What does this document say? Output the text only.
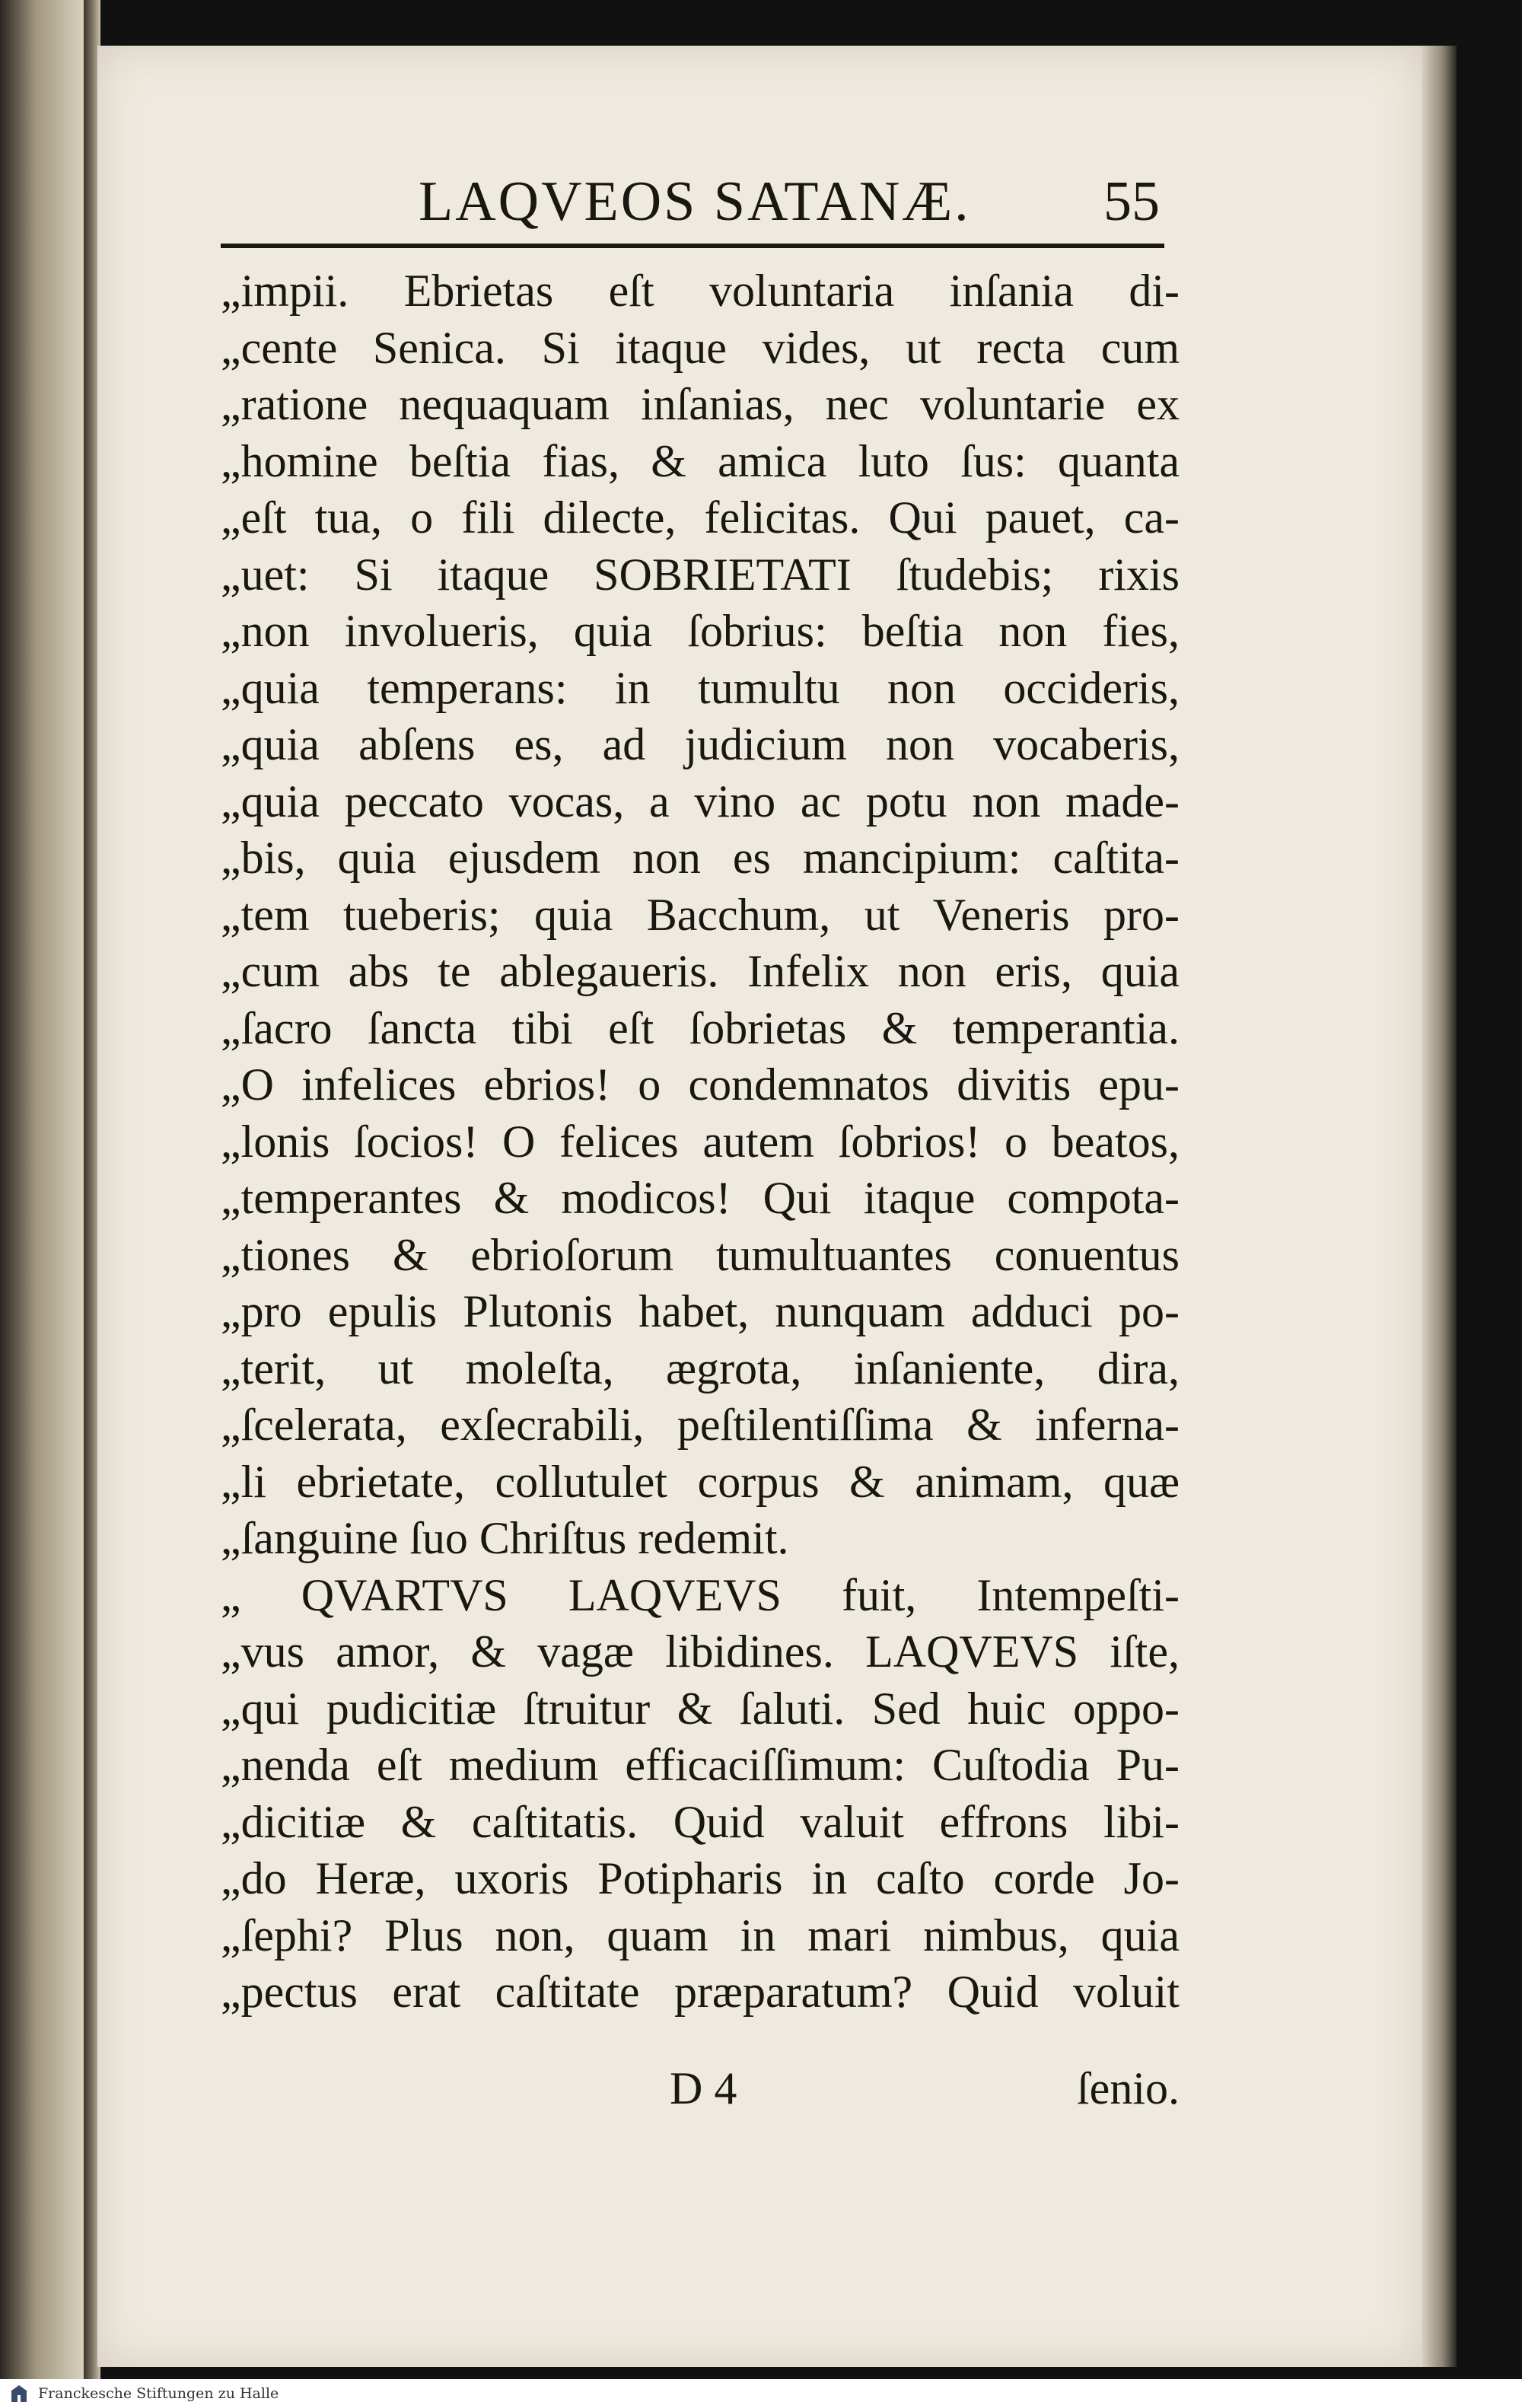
LAQVEOS SATANÆ. 55
„impii. Ebrietas eſt voluntaria inſania di-
„cente Senica. Si itaque vides, ut recta cum
„ratione nequaquam inſanias, nec voluntarie ex
„homine beſtia fias, & amica luto ſus: quanta
„eſt tua, o fili dilecte, felicitas. Qui pauet, ca-
„uet: Si itaque SOBRIETATI ſtudebis; rixis
„non involueris, quia ſobrius: beſtia non fies,
„quia temperans: in tumultu non occideris,
„quia abſens es, ad judicium non vocaberis,
„quia peccato vocas, a vino ac potu non made-
„bis, quia ejusdem non es mancipium: caſtita-
„tem tueberis; quia Bacchum, ut Veneris pro-
„cum abs te ablegaueris. Infelix non eris, quia
„ſacro ſancta tibi eſt ſobrietas & temperantia.
„O infelices ebrios! o condemnatos divitis epu-
„lonis ſocios! O felices autem ſobrios! o beatos,
„temperantes & modicos! Qui itaque compota-
„tiones & ebrioſorum tumultuantes conuentus
„pro epulis Plutonis habet, nunquam adduci po-
„terit, ut moleſta, ægrota, inſaniente, dira,
„ſcelerata, exſecrabili, peſtilentiſſima & inferna-
„li ebrietate, collutulet corpus & animam, quæ
„ſanguine ſuo Chriſtus redemit.
„ QVARTVS LAQVEVS fuit, Intempeſti-
„vus amor, & vagæ libidines. LAQVEVS iſte,
„qui pudicitiæ ſtruitur & ſaluti. Sed huic oppo-
„nenda eſt medium efficaciſſimum: Cuſtodia Pu-
„dicitiæ & caſtitatis. Quid valuit effrons libi-
„do Heræ, uxoris Potipharis in caſto corde Jo-
„ſephi? Plus non, quam in mari nimbus, quia
„pectus erat caſtitate præparatum? Quid voluit
D 4	ſenio.
Franckesche Stiftungen zu Halle
